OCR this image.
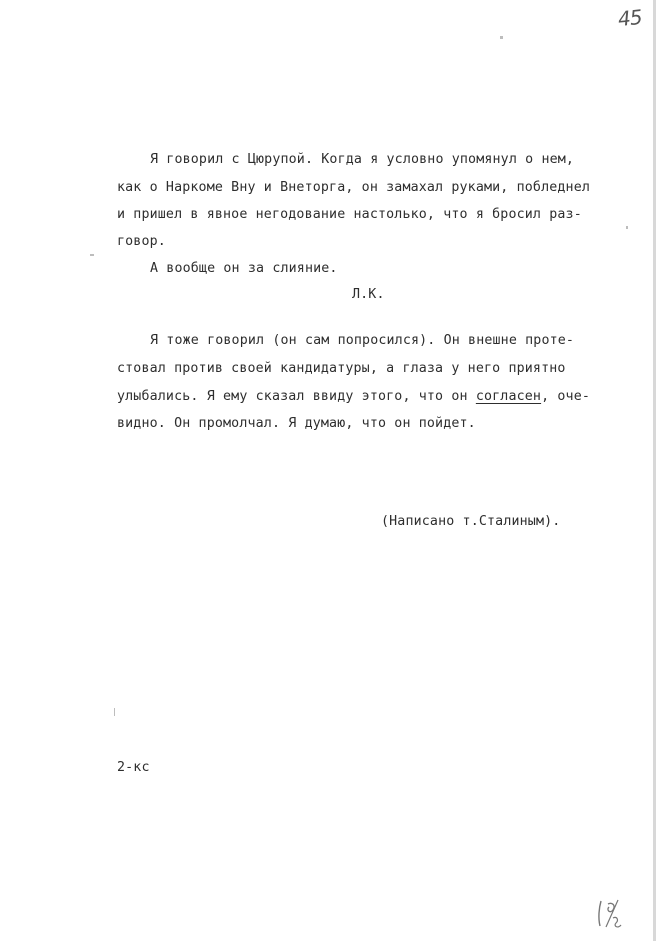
45
Я говорил с Цюрупой. Когда я условно упомянул о нем,
как о Наркоме Вну и Внеторга, он замахал руками, побледнел
и пришел в явное негодование настолько, что я бросил раз-
говор.
А вообще он за слияние.
Л.К.
Я тоже говорил (он сам попросился). Он внешне проте-
стовал против своей кандидатуры, а глаза у него приятно
улыбались. Я ему сказал ввиду этого, что он согласен, оче-
видно. Он промолчал. Я думаю, что он пойдет.
(Написано т.Сталиным).
2-кс
